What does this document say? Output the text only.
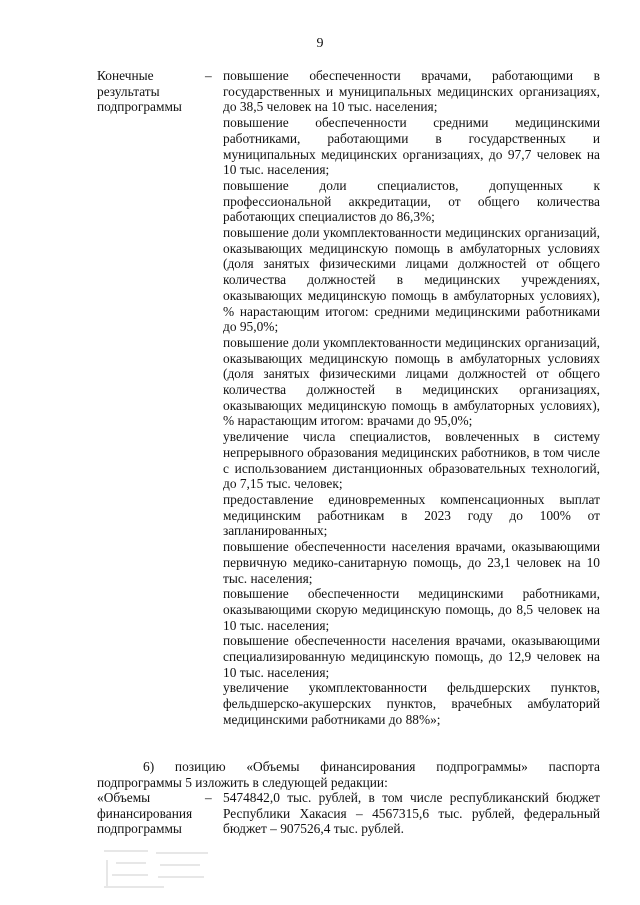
9
Конечные результаты подпрограммы
– повышение обеспеченности врачами, работающими в государственных и муниципальных медицинских организациях, до 38,5 человек на 10 тыс. населения;
повышение обеспеченности средними медицинскими работниками, работающими в государственных и муниципальных медицинских организациях, до 97,7 человек на 10 тыс. населения;
повышение доли специалистов, допущенных к профессиональной аккредитации, от общего количества работающих специалистов до 86,3%;
повышение доли укомплектованности медицинских организаций, оказывающих медицинскую помощь в амбулаторных условиях (доля занятых физическими лицами должностей от общего количества должностей в медицинских учреждениях, оказывающих медицинскую помощь в амбулаторных условиях), % нарастающим итогом: средними медицинскими работниками до 95,0%;
повышение доли укомплектованности медицинских организаций, оказывающих медицинскую помощь в амбулаторных условиях (доля занятых физическими лицами должностей от общего количества должностей в медицинских организациях, оказывающих медицинскую помощь в амбулаторных условиях), % нарастающим итогом: врачами до 95,0%;
увеличение числа специалистов, вовлеченных в систему непрерывного образования медицинских работников, в том числе с использованием дистанционных образовательных технологий, до 7,15 тыс. человек;
предоставление единовременных компенсационных выплат медицинским работникам в 2023 году до 100% от запланированных;
повышение обеспеченности населения врачами, оказывающими первичную медико-санитарную помощь, до 23,1 человек на 10 тыс. населения;
повышение обеспеченности медицинскими работниками, оказывающими скорую медицинскую помощь, до 8,5 человек на 10 тыс. населения;
повышение обеспеченности населения врачами, оказывающими специализированную медицинскую помощь, до 12,9 человек на 10 тыс. населения;
увеличение укомплектованности фельдшерских пунктов, фельдшерско-акушерских пунктов, врачебных амбулаторий медицинскими работниками до 88%»;
6) позицию «Объемы финансирования подпрограммы» паспорта подпрограммы 5 изложить в следующей редакции:
«Объемы финансирования подпрограммы
– 5474842,0 тыс. рублей, в том числе республиканский бюджет Республики Хакасия – 4567315,6 тыс. рублей, федеральный бюджет – 907526,4 тыс. рублей.
